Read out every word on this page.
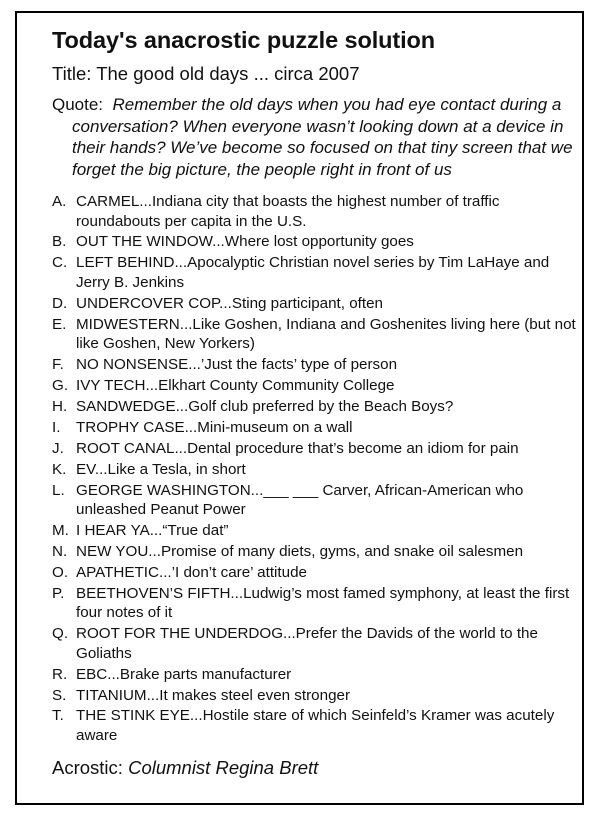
Today's anacrostic puzzle solution
Title: The good old days ... circa 2007
Quote: Remember the old days when you had eye contact during a conversation? When everyone wasn’t looking down at a device in their hands? We’ve become so focused on that tiny screen that we forget the big picture, the people right in front of us
A. CARMEL...Indiana city that boasts the highest number of traffic roundabouts per capita in the U.S.
B. OUT THE WINDOW...Where lost opportunity goes
C. LEFT BEHIND...Apocalyptic Christian novel series by Tim LaHaye and Jerry B. Jenkins
D. UNDERCOVER COP...Sting participant, often
E. MIDWESTERN...Like Goshen, Indiana and Goshenites living here (but not like Goshen, New Yorkers)
F. NO NONSENSE...’Just the facts’ type of person
G. IVY TECH...Elkhart County Community College
H. SANDWEDGE...Golf club preferred by the Beach Boys?
I. TROPHY CASE...Mini-museum on a wall
J. ROOT CANAL...Dental procedure that’s become an idiom for pain
K. EV...Like a Tesla, in short
L. GEORGE WASHINGTON...___ ___ Carver, African-American who unleashed Peanut Power
M. I HEAR YA...“True dat”
N. NEW YOU...Promise of many diets, gyms, and snake oil salesmen
O. APATHETIC...’I don’t care’ attitude
P. BEETHOVEN’S FIFTH...Ludwig’s most famed symphony, at least the first four notes of it
Q. ROOT FOR THE UNDERDOG...Prefer the Davids of the world to the Goliaths
R. EBC...Brake parts manufacturer
S. TITANIUM...It makes steel even stronger
T. THE STINK EYE...Hostile stare of which Seinfeld’s Kramer was acutely aware
Acrostic: Columnist Regina Brett
